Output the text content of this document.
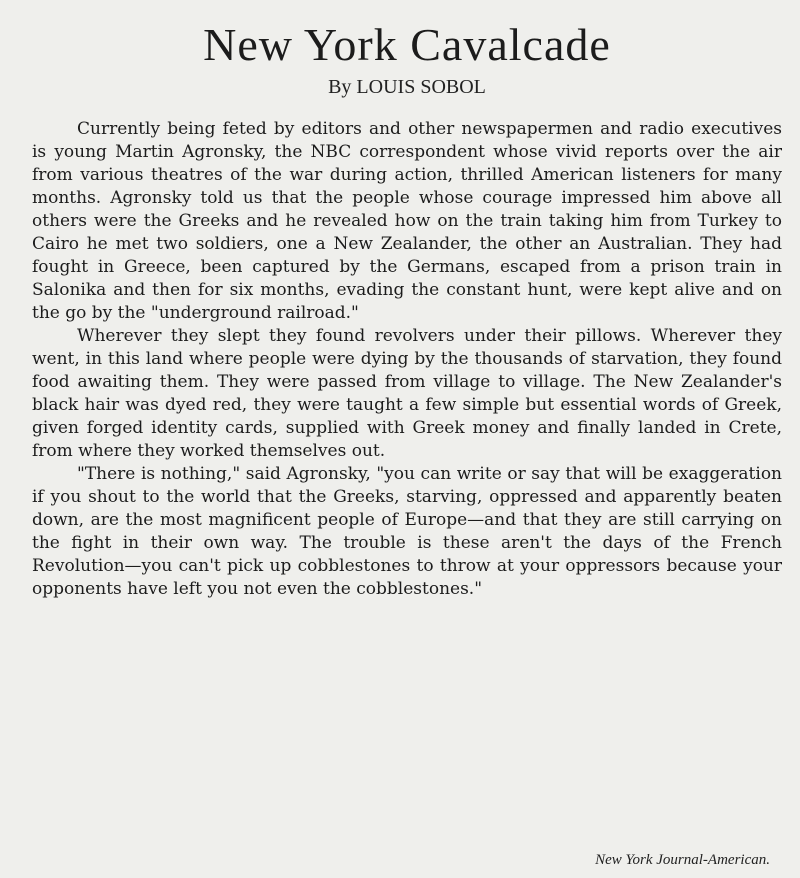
New York Cavalcade
By LOUIS SOBOL

Currently being feted by editors and other newspapermen and radio executives is young Martin Agronsky, the NBC correspondent whose vivid reports over the air from various theatres of the war during action, thrilled American listeners for many months. Agronsky told us that the people whose courage impressed him above all others were the Greeks and he revealed how on the train taking him from Turkey to Cairo he met two soldiers, one a New Zealander, the other an Australian. They had fought in Greece, been captured by the Germans, escaped from a prison train in Salonika and then for six months, evading the constant hunt, were kept alive and on the go by the "underground railroad."

Wherever they slept they found revolvers under their pillows. Wherever they went, in this land where people were dying by the thousands of starvation, they found food awaiting them. They were passed from village to village. The New Zealander's black hair was dyed red, they were taught a few simple but essential words of Greek, given forged identity cards, supplied with Greek money and finally landed in Crete, from where they worked themselves out.

"There is nothing," said Agronsky, "you can write or say that will be exaggeration if you shout to the world that the Greeks, starving, oppressed and apparently beaten down, are the most magnificent people of Europe—and that they are still carrying on the fight in their own way. The trouble is these aren't the days of the French Revolution—you can't pick up cobblestones to throw at your oppressors because your opponents have left you not even the cobblestones."

New York Journal-American.
